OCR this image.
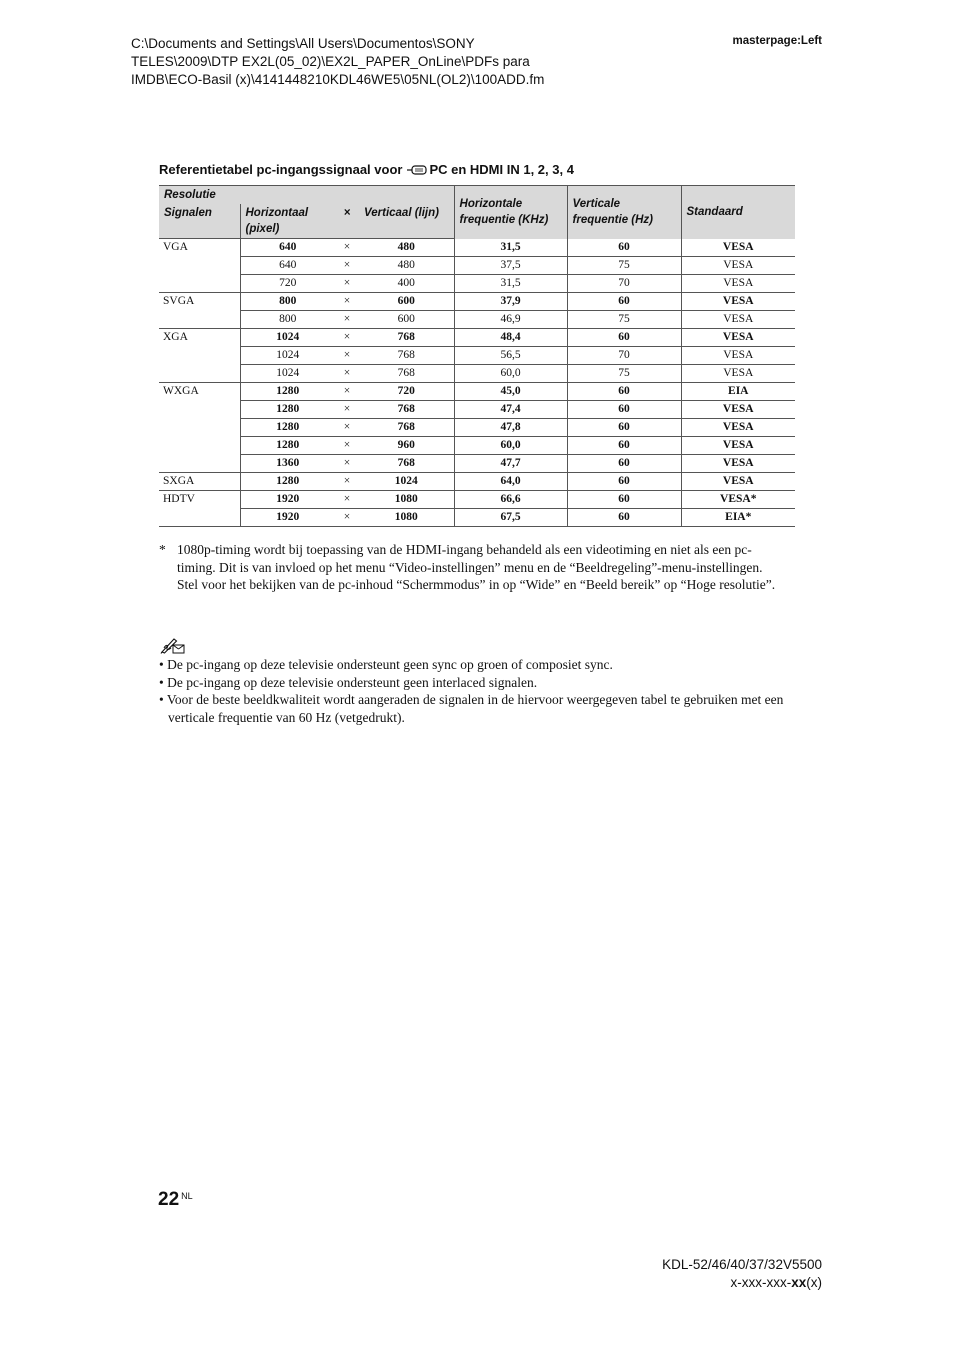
C:\Documents and Settings\All Users\Documentos\SONY
TELES\2009\DTP EX2L(05_02)\EX2L_PAPER_OnLine\PDFs para
IMDB\ECO-Basil (x)\4141448210KDL46WE5\05NL(OL2)\100ADD.fm
masterpage:Left
Referentietabel pc-ingangssignaal voor PC en HDMI IN 1, 2, 3, 4
Resolutie				Horizontale frequentie (KHz)	Verticale frequentie (Hz)	Standaard
Signalen	Horizontaal (pixel)	×	Verticaal (lijn)			
VGA	640	×	480	31,5	60	VESA
	640	×	480	37,5	75	VESA
	720	×	400	31,5	70	VESA
SVGA	800	×	600	37,9	60	VESA
	800	×	600	46,9	75	VESA
XGA	1024	×	768	48,4	60	VESA
	1024	×	768	56,5	70	VESA
	1024	×	768	60,0	75	VESA
WXGA	1280	×	720	45,0	60	EIA
	1280	×	768	47,4	60	VESA
	1280	×	768	47,8	60	VESA
	1280	×	960	60,0	60	VESA
	1360	×	768	47,7	60	VESA
SXGA	1280	×	1024	64,0	60	VESA
HDTV	1920	×	1080	66,6	60	VESA*
	1920	×	1080	67,5	60	EIA*
* 1080p-timing wordt bij toepassing van de HDMI-ingang behandeld als een videotiming en niet als een pc-timing. Dit is van invloed op het menu “Video-instellingen” menu en de “Beeldregeling”-menu-instellingen.

Stel voor het bekijken van de pc-inhoud “Schermmodus” in op “Wide” en “Beeld bereik” op “Hoge resolutie”.

• De pc-ingang op deze televisie ondersteunt geen sync op groen of composiet sync.
• De pc-ingang op deze televisie ondersteunt geen interlaced signalen.
• Voor de beste beeldkwaliteit wordt aangeraden de signalen in de hiervoor weergegeven tabel te gebruiken met een verticale frequentie van 60 Hz (vetgedrukt).
22 $^{NL}$
KDL-52/46/40/37/32V5500
x-xxx-xxx-xx(x)
